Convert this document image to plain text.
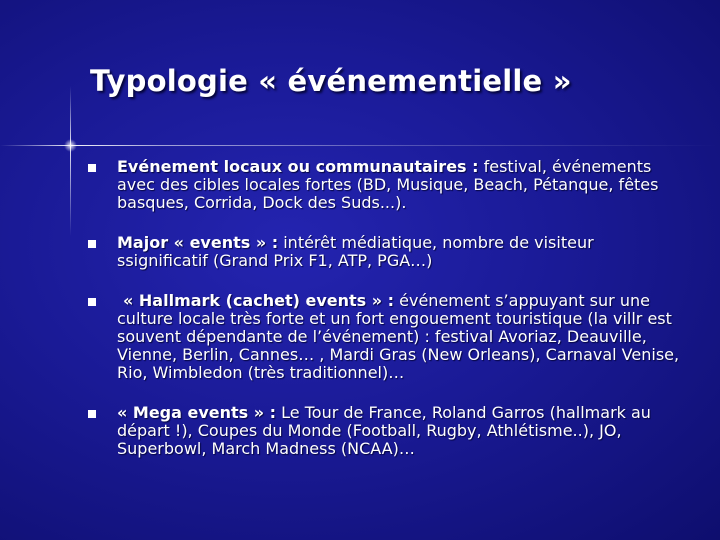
Typologie « événementielle »
Evénement locaux ou communautaires : festival, événements avec des cibles locales fortes (BD, Musique, Beach, Pétanque, fêtes basques, Corrida, Dock des Suds...).
Major « events » : intérêt médiatique, nombre de visiteur ssignificatif (Grand Prix F1, ATP, PGA…)
« Hallmark (cachet) events » : événement s’appuyant sur une culture locale très forte et un fort engouement touristique (la villr est souvent dépendante de l’événement) : festival Avoriaz, Deauville, Vienne, Berlin, Cannes… , Mardi Gras (New Orleans), Carnaval Venise, Rio, Wimbledon (très traditionnel)…
« Mega events » : Le Tour de France, Roland Garros (hallmark au départ !), Coupes du Monde (Football, Rugby, Athlétisme..), JO, Superbowl, March Madness (NCAA)…
